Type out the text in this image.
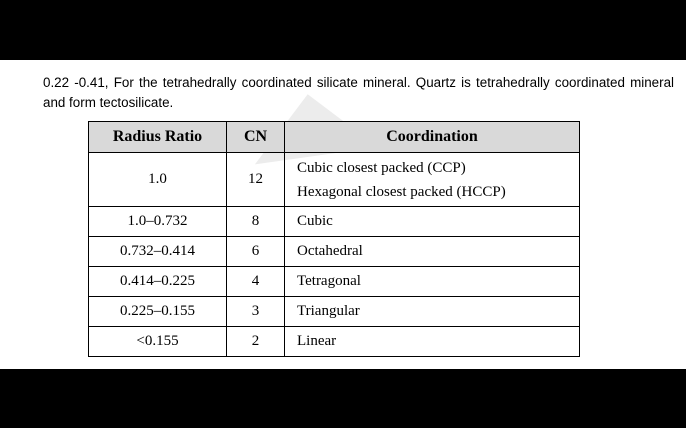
0.22 -0.41, For the tetrahedrally coordinated silicate mineral. Quartz is tetrahedrally coordinated mineral and form tectosilicate.
Radius Ratio	CN	Coordination
1.0	12	Cubic closest packed (CCP)
Hexagonal closest packed (HCCP)

1.0–0.732	8	Cubic
0.732–0.414	6	Octahedral
0.414–0.225	4	Tetragonal
0.225–0.155	3	Triangular
<0.155	2	Linear
